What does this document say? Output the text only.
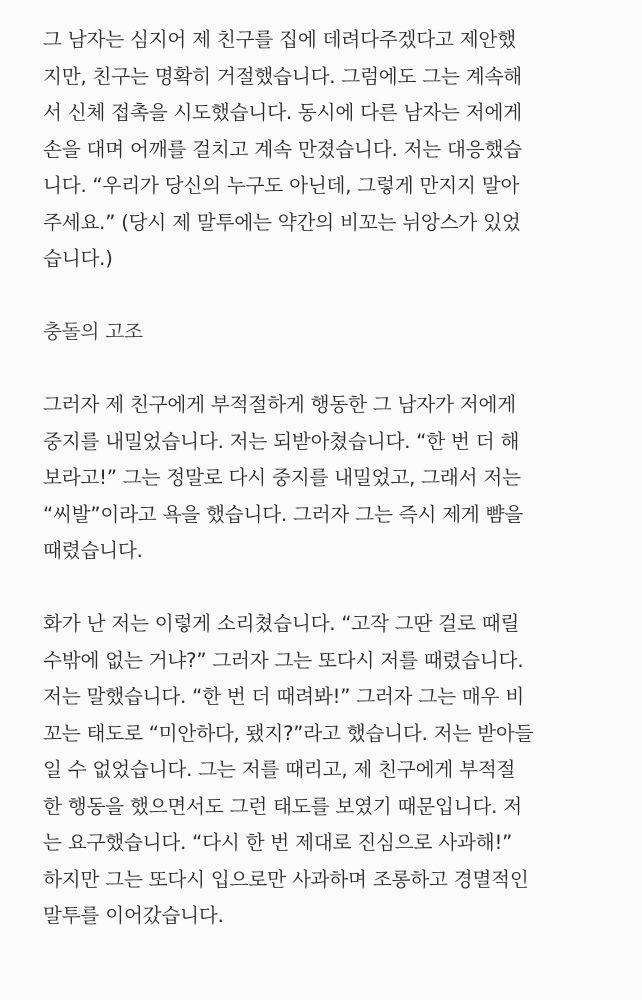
그 남자는 심지어 제 친구를 집에 데려다주겠다고 제안했
지만, 친구는 명확히 거절했습니다. 그럼에도 그는 계속해
서 신체 접촉을 시도했습니다. 동시에 다른 남자는 저에게
손을 대며 어깨를 걸치고 계속 만졌습니다. 저는 대응했습
니다. “우리가 당신의 누구도 아닌데, 그렇게 만지지 말아
주세요.” (당시 제 말투에는 약간의 비꼬는 뉘앙스가 있었
습니다.)
충돌의 고조
그러자 제 친구에게 부적절하게 행동한 그 남자가 저에게
중지를 내밀었습니다. 저는 되받아쳤습니다. “한 번 더 해
보라고!” 그는 정말로 다시 중지를 내밀었고, 그래서 저는
“씨발”이라고 욕을 했습니다. 그러자 그는 즉시 제게 뺨을
때렸습니다.
화가 난 저는 이렇게 소리쳤습니다. “고작 그딴 걸로 때릴
수밖에 없는 거냐?” 그러자 그는 또다시 저를 때렸습니다.
저는 말했습니다. “한 번 더 때려봐!” 그러자 그는 매우 비
꼬는 태도로 “미안하다, 됐지?”라고 했습니다. 저는 받아들
일 수 없었습니다. 그는 저를 때리고, 제 친구에게 부적절
한 행동을 했으면서도 그런 태도를 보였기 때문입니다. 저
는 요구했습니다. “다시 한 번 제대로 진심으로 사과해!”
하지만 그는 또다시 입으로만 사과하며 조롱하고 경멸적인
말투를 이어갔습니다.
